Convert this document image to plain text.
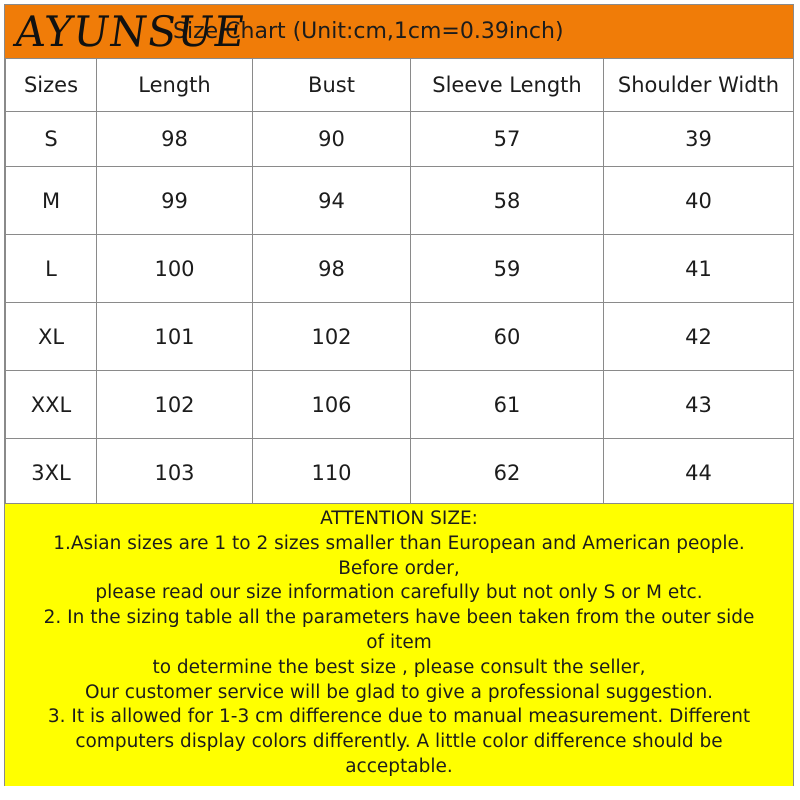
Size Chart (Unit:cm,1cm=0.39inch)
AYUNSUE
Sizes	Length	Bust	Sleeve Length	Shoulder Width
S	98	90	57	39
M	99	94	58	40
L	100	98	59	41
XL	101	102	60	42
XXL	102	106	61	43
3XL	103	110	62	44
ATTENTION SIZE:
1.Asian sizes are 1 to 2 sizes smaller than European and American people.
Before order,
please read our size information carefully but not only S or M etc.
2. In the sizing table all the parameters have been taken from the outer side
of item
to determine the best size , please consult the seller,
Our customer service will be glad to give a professional suggestion.
3. It is allowed for 1-3 cm difference due to manual measurement. Different
computers display colors differently. A little color difference should be
acceptable.
